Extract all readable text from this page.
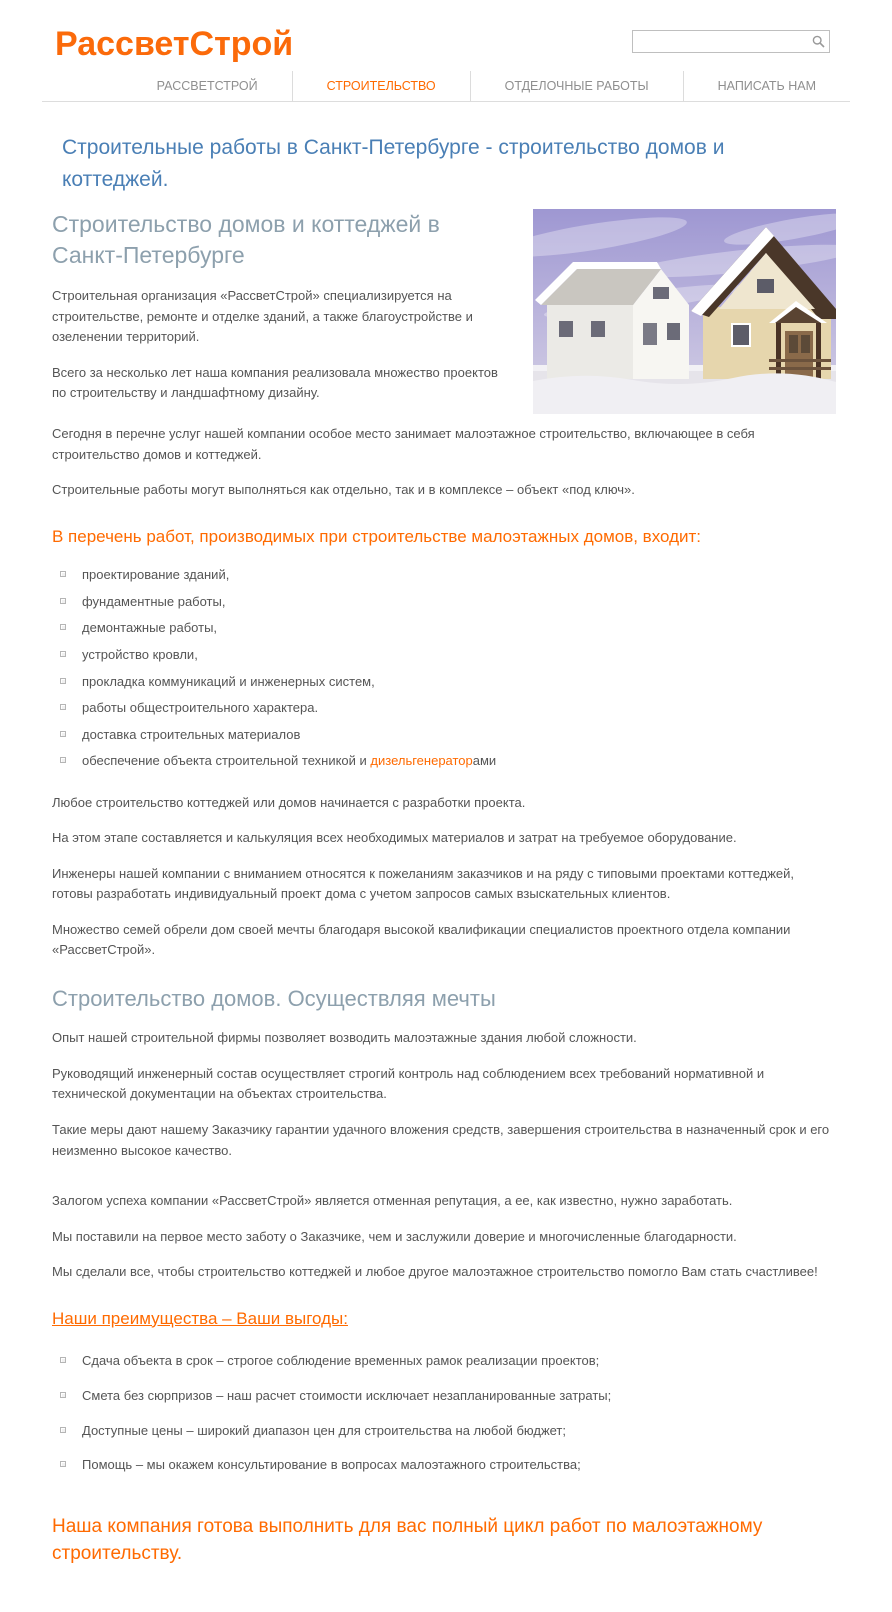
РассветСтрой
РАССВЕТСТРОЙ	СТРОИТЕЛЬСТВО	ОТДЕЛОЧНЫЕ РАБОТЫ	НАПИСАТЬ НАМ
Строительные работы в Санкт-Петербурге - строительство домов и коттеджей.
Строительство домов и коттеджей в Санкт-Петербурге

Строительная организация «РассветСтрой» специализируется на строительстве, ремонте и отделке зданий, а также благоустройстве и озеленении территорий.

Всего за несколько лет наша компания реализовала множество проектов по строительству и ландшафтному дизайну.

Сегодня в перечне услуг нашей компании особое место занимает малоэтажное строительство, включающее в себя строительство домов и коттеджей.

Строительные работы могут выполняться как отдельно, так и в комплексе – объект «под ключ».

В перечень работ, производимых при строительстве малоэтажных домов, входит:
проектирование зданий,
фундаментные работы,
демонтажные работы,
устройство кровли,
прокладка коммуникаций и инженерных систем,
работы общестроительного характера.
доставка строительных материалов
обеспечение объекта строительной техникой и дизельгенераторами

Любое строительство коттеджей или домов начинается с разработки проекта.

На этом этапе составляется и калькуляция всех необходимых материалов и затрат на требуемое оборудование.

Инженеры нашей компании с вниманием относятся к пожеланиям заказчиков и на ряду с типовыми проектами коттеджей, готовы разработать индивидуальный проект дома с учетом запросов самых взыскательных клиентов.

Множество семей обрели дом своей мечты благодаря высокой квалификации специалистов проектного отдела компании «РассветСтрой».

Строительство домов. Осуществляя мечты

Опыт нашей строительной фирмы позволяет возводить малоэтажные здания любой сложности.

Руководящий инженерный состав осуществляет строгий контроль над соблюдением всех требований нормативной и технической документации на объектах строительства.

Такие меры дают нашему Заказчику гарантии удачного вложения средств, завершения строительства в назначенный срок и его неизменно высокое качество.

Залогом успеха компании «РассветСтрой» является отменная репутация, а ее, как известно, нужно заработать.

Мы поставили на первое место заботу о Заказчике, чем и заслужили доверие и многочисленные благодарности.

Мы сделали все, чтобы строительство коттеджей и любое другое малоэтажное строительство помогло Вам стать счастливее!

Наши преимущества – Ваши выгоды:
Сдача объекта в срок – строгое соблюдение временных рамок реализации проектов;
Смета без сюрпризов – наш расчет стоимости исключает незапланированные затраты;
Доступные цены – широкий диапазон цен для строительства на любой бюджет;
Помощь – мы окажем консультирование в вопросах малоэтажного строительства;
Наша компания готова выполнить для вас полный цикл работ по малоэтажному строительству.
